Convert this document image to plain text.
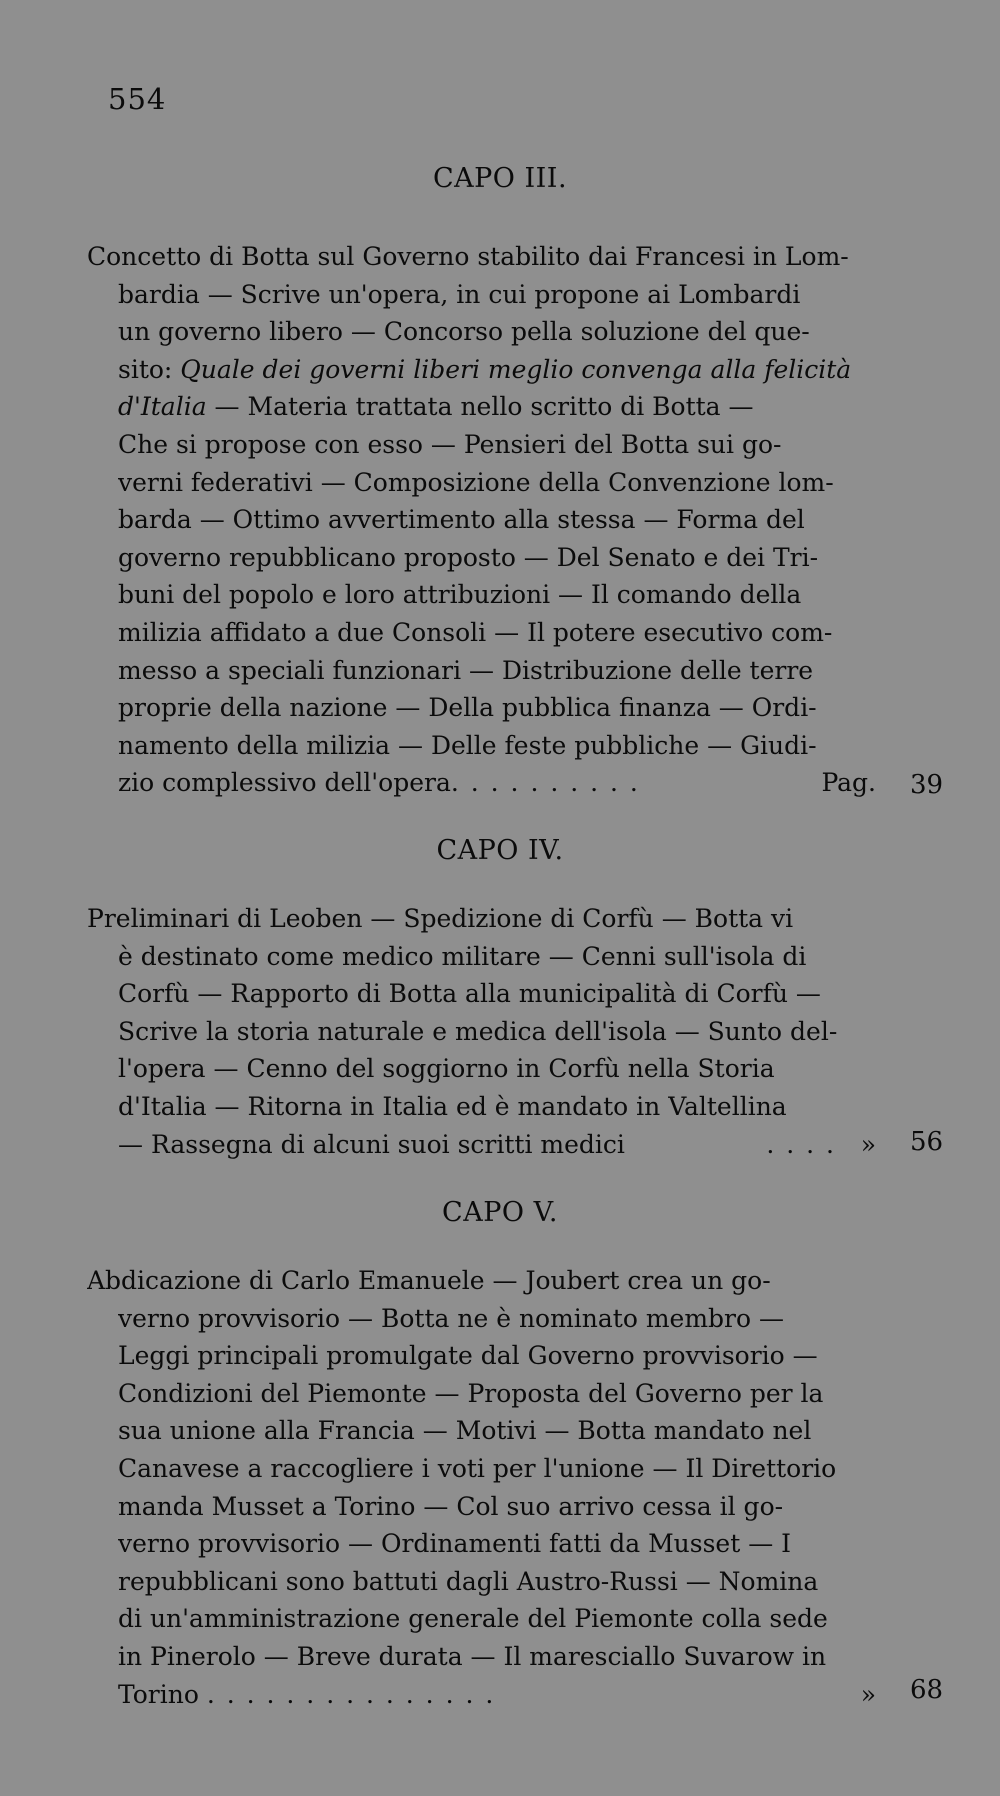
554
CAPO III.
Concetto di Botta sul Governo stabilito dai Francesi in Lom-
bardia — Scrive un'opera, in cui propone ai Lombardi
un governo libero — Concorso pella soluzione del que-
sito: Quale dei governi liberi meglio convenga alla felicità
d'Italia — Materia trattata nello scritto di Botta —
Che si propose con esso — Pensieri del Botta sui go-
verni federativi — Composizione della Convenzione lom-
barda — Ottimo avvertimento alla stessa — Forma del
governo repubblicano proposto — Del Senato e dei Tri-
buni del popolo e loro attribuzioni — Il comando della
milizia affidato a due Consoli — Il potere esecutivo com-
messo a speciali funzionari — Distribuzione delle terre
proprie della nazione — Della pubblica finanza — Ordi-
namento della milizia — Delle feste pubbliche — Giudi-
zio complessivo dell'opera. . . . . . . . . .	Pag. 39
CAPO IV.
Preliminari di Leoben — Spedizione di Corfù — Botta vi
è destinato come medico militare — Cenni sull'isola di
Corfù — Rapporto di Botta alla municipalità di Corfù —
Scrive la storia naturale e medica dell'isola — Sunto del-
l'opera — Cenno del soggiorno in Corfù nella Storia
d'Italia — Ritorna in Italia ed è mandato in Valtellina
— Rassegna di alcuni suoi scritti medici	. . . . » 56
CAPO V.
Abdicazione di Carlo Emanuele — Joubert crea un go-
verno provvisorio — Botta ne è nominato membro —
Leggi principali promulgate dal Governo provvisorio —
Condizioni del Piemonte — Proposta del Governo per la
sua unione alla Francia — Motivi — Botta mandato nel
Canavese a raccogliere i voti per l'unione — Il Direttorio
manda Musset a Torino — Col suo arrivo cessa il go-
verno provvisorio — Ordinamenti fatti da Musset — I
repubblicani sono battuti dagli Austro-Russi — Nomina
di un'amministrazione generale del Piemonte colla sede
in Pinerolo — Breve durata — Il maresciallo Suvarow in
Torino . . . . . . . . . . . . . . .	» 68
